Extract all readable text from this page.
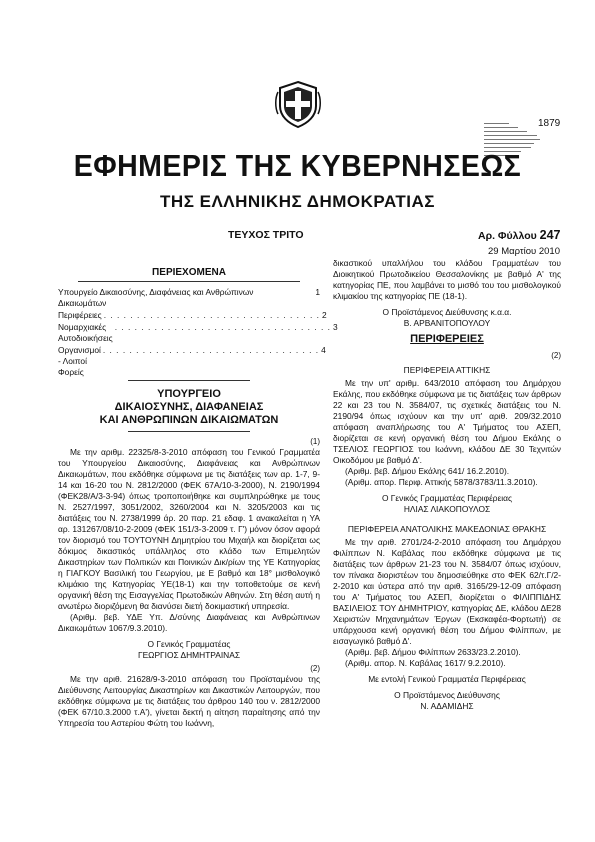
1879
ΕΦΗΜΕΡΙΣ ΤΗΣ ΚΥΒΕΡΝΗΣΕΩΣ
ΤΗΣ ΕΛΛΗΝΙΚΗΣ ΔΗΜΟΚΡΑΤΙΑΣ
ΤΕΥΧΟΣ ΤΡΙΤΟ	Αρ. Φύλλου 247
29 Μαρτίου 2010
ΠΕΡΙΕΧΟΜΕΝΑ
Υπουργείο Δικαιοσύνης, Διαφάνειας και Ανθρώπινων Δικαιωμάτων
1
Περιφέρειες . . . . . . . . . . . . . . . . . . . . . . . . . . . . . . . . . 2
Νομαρχιακές Αυτοδιοικήσεις
. . . . . . . . . . . . . . . . . . . . . . . . . . . . . . . . . 3
Οργανισμοί - Λοιποί Φορείς
. . . . . . . . . . . . . . . . . . . . . . . . . . . . . . . . . 4
ΥΠΟΥΡΓΕΙΟ
ΔΙΚΑΙΟΣΥΝΗΣ, ΔΙΑΦΑΝΕΙΑΣ
ΚΑΙ ΑΝΘΡΩΠΙΝΩΝ ΔΙΚΑΙΩΜΑΤΩΝ
(1)

Με την αριθμ. 22325/8-3-2010 απόφαση του Γενικού Γραμματέα του Υπουργείου Δικαιοσύνης, Διαφάνειας και Ανθρώπινων Δικαιωμάτων, που εκδόθηκε σύμφωνα με τις διατάξεις των αρ. 1-7, 9-14 και 16-20 του Ν. 2812/2000 (ΦΕΚ 67Α/10-3-2000), Ν. 2190/1994 (ΦΕΚ28/Α/3-3-94) όπως τροποποιήθηκε και συμπληρώθηκε με τους Ν. 2527/1997, 3051/2002, 3260/2004 και Ν. 3205/2003 και τις διατάξεις του Ν. 2738/1999 άρ. 20 παρ. 21 εδαφ. 1 ανακαλείται η ΥΑ αρ. 131267/08/10-2-2009 (ΦΕΚ 151/3-3-2009 τ. Γ') μόνον όσον αφορά τον διορισμό του ΤΟΥΤΟΥΝΗ Δημητρίου του Μιχαήλ και διορίζεται ως δόκιμος δικαστικός υπάλληλος στο κλάδο των Επιμελητών Δικαστηρίων των Πολιτικών και Ποινικών Δικ/ρίων της ΥΕ Κατηγορίας η ΓΙΑΓΚΟΥ Βασιλική του Γεωργίου, με Ε βαθμό και 18° μισθολογικό κλιμάκιο της Κατηγορίας ΥΕ(18-1) και την τοποθετούμε σε κενή οργανική θέση της Εισαγγελίας Πρωτοδικών Αθηνών. Στη θέση αυτή η ανωτέρω διοριζόμενη θα διανύσει διετή δοκιμαστική υπηρεσία.

(Αριθμ. βεβ. ΥΔΕ Υπ. Δ/σύνης Διαφάνειας και Ανθρώπινων Δικαιωμάτων 1067/9.3.2010).

Ο Γενικός Γραμματέας

ΓΕΩΡΓΙΟΣ ΔΗΜΗΤΡΑΙΝΑΣ

(2)

Με την αριθ. 21628/9-3-2010 απόφαση του Προϊσταμένου της Διεύθυνσης Λειτουργίας Δικαστηρίων και Δικαστικών Λειτουργών, που εκδόθηκε σύμφωνα με τις διατάξεις του άρθρου 140 του ν. 2812/2000 (ΦΕΚ 67/10.3.2000 τ.Α'), γίνεται δεκτή η αίτηση παραίτησης από την Υπηρεσία του Αστερίου Φώτη του Ιωάννη,

δικαστικού υπαλλήλου του κλάδου Γραμματέων του Διοικητικού Πρωτοδικείου Θεσσαλονίκης με βαθμό Α' της κατηγορίας ΠΕ, που λαμβάνει το μισθό του του μισθολογικού κλιμακίου της κατηγορίας ΠΕ (18-1).

Ο Προϊστάμενος Διεύθυνσης κ.α.α.

Β. ΑΡΒΑΝΙΤΟΠΟΥΛΟΥ

ΠΕΡΙΦΕΡΕΙΕΣ
(2)
ΠΕΡΙΦΕΡΕΙΑ ΑΤΤΙΚΗΣ

Με την υπ' αριθμ. 643/2010 απόφαση του Δημάρχου Εκάλης, που εκδόθηκε σύμφωνα με τις διατάξεις των άρθρων 22 και 23 του Ν. 3584/07, τις σχετικές διατάξεις του Ν. 2190/94 όπως ισχύουν και την υπ' αριθ. 209/32.2010 απόφαση αναπλήρωσης του Α' Τμήματος του ΑΣΕΠ, διορίζεται σε κενή οργανική θέση του Δήμου Εκάλης ο ΤΣΕΛΙΟΣ ΓΕΩΡΓΙΟΣ του Ιωάννη, κλάδου ΔΕ 30 Τεχνιτών Οικοδόμου με βαθμό Δ'.

(Αριθμ. βεβ. Δήμου Εκάλης 641/ 16.2.2010).

(Αριθμ. απορ. Περιφ. Αττικής 5878/3783/11.3.2010).

Ο Γενικός Γραμματέας Περιφέρειας

ΗΛΙΑΣ ΛΙΑΚΟΠΟΥΛΟΣ

ΠΕΡΙΦΕΡΕΙΑ ΑΝΑΤΟΛΙΚΗΣ ΜΑΚΕΔΟΝΙΑΣ ΘΡΑΚΗΣ

Με την αριθ. 2701/24-2-2010 απόφαση του Δημάρχου Φιλίππων Ν. Καβάλας που εκδόθηκε σύμφωνα με τις διατάξεις των άρθρων 21-23 του Ν. 3584/07 όπως ισχύουν, τον πίνακα διοριστέων του δημοσιεύθηκε στο ΦΕΚ 62/τ.Γ/2-2-2010 και ύστερα από την αριθ. 3165/29-12-09 απόφαση του Α' Τμήματος του ΑΣΕΠ, διορίζεται ο ΦΙΛΙΠΠΙΔΗΣ ΒΑΣΙΛΕΙΟΣ ΤΟΥ ΔΗΜΗΤΡΙΟΥ, κατηγορίας ΔΕ, κλάδου ΔΕ28 Χειριστών Μηχανημάτων Έργων (Εκσκαφέα-Φορτωτή) σε υπάρχουσα κενή οργανική θέση του Δήμου Φιλίππων, με εισαγωγικό βαθμό Δ'.

(Αριθμ. βεβ. Δήμου Φιλίππων 2633/23.2.2010).

(Αριθμ. απορ. Ν. Καβάλας 1617/ 9.2.2010).

Με εντολή Γενικού Γραμματέα Περιφέρειας

Ο Προϊστάμενος Διεύθυνσης

Ν. ΑΔΑΜΙΔΗΣ
